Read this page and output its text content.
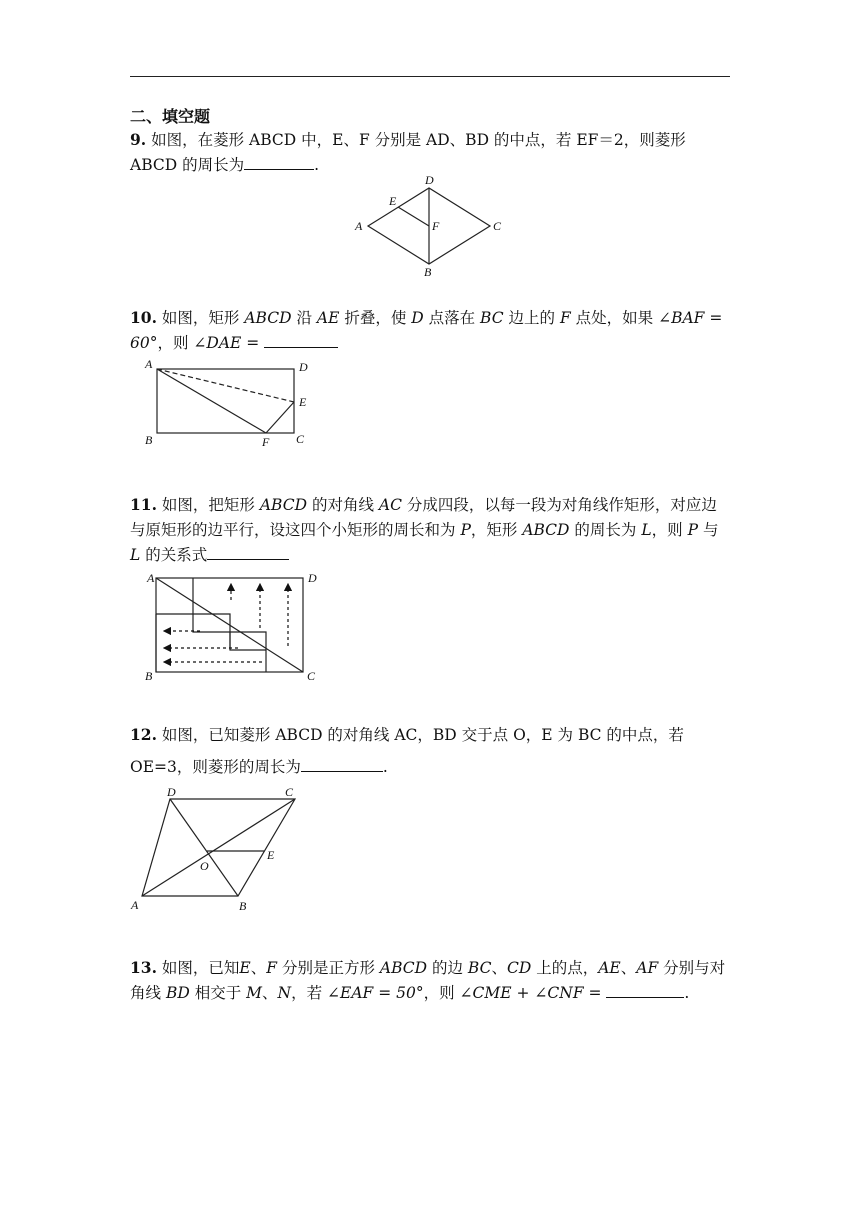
二、填空题
9. 如图，在菱形 ABCD 中，E、F 分别是 AD、BD 的中点，若 EF＝2，则菱形 ABCD 的周长为	.
A
B
C
D
E
F
10. 如图，矩形 ABCD 沿 AE 折叠，使 D 点落在 BC 边上的 F 点处，如果 ∠BAF = 60°，则 ∠DAE =
A	D
E
B	F C
11. 如图，把矩形 ABCD 的对角线 AC 分成四段，以每一段为对角线作矩形，对应边与原矩形的边平行，设这四个小矩形的周长和为 P，矩形 ABCD 的周长为 L，则 P 与 L 的关系式
A	D
B	C
12. 如图，已知菱形 ABCD 的对角线 AC，BD 交于点 O，E 为 BC 的中点，若 OE=3，则菱形的周长为	.
D	C
O
E
A	B
13. 如图，已知E、F 分别是正方形 ABCD 的边 BC、CD 上的点，AE、AF 分别与对角线 BD 相交于 M、N，若 ∠EAF = 50°，则 ∠CME + ∠CNF =	.
